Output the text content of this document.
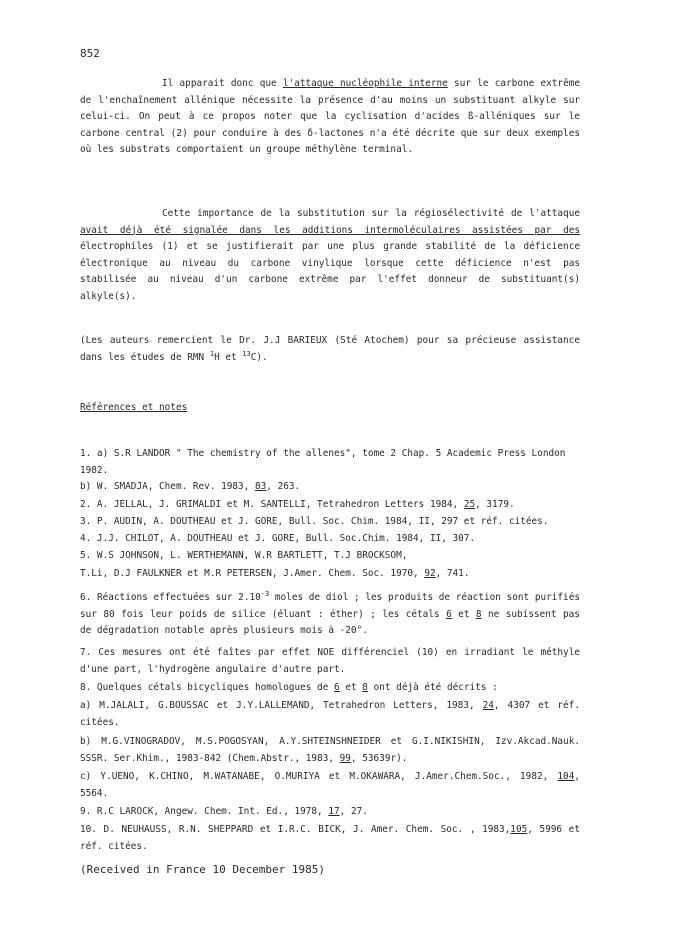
852
Il apparait donc que l'attaque nucléophile interne sur le carbone extrême de l'enchaînement allénique nécessite la présence d'au moins un substituant alkyle sur celui-ci. On peut à ce propos noter que la cyclisation d'acides ß-alléniques sur le carbone central (2) pour conduire à des δ-lactones n'a été décrite que sur deux exemples où les substrats comportaient un groupe méthylène terminal.
Cette importance de la substitution sur la régiosélectivité de l'attaque avait déjà été signalée dans les additions intermoléculaires assistées par des électrophiles (1) et se justifierait par une plus grande stabilité de la déficience électronique au niveau du carbone vinylique lorsque cette déficience n'est pas stabilisée au niveau d'un carbone extrême par l'effet donneur de substituant(s) alkyle(s).
(Les auteurs remercient le Dr. J.J BARIEUX (Sté Atochem) pour sa précieuse assistance dans les études de RMN $^1$H et $^{13}$C).
Références et notes
1. a) S.R LANDOR " The chemistry of the allenes", tome 2 Chap. 5 Academic Press London 1982.
b) W. SMADJA, Chem. Rev. 1983, 83, 263.
2. A. JELLAL, J. GRIMALDI et M. SANTELLI, Tetrahedron Letters 1984, 25, 3179.
3. P. AUDIN, A. DOUTHEAU et J. GORE, Bull. Soc. Chim. 1984, II, 297 et réf. citées.
4. J.J. CHILOT, A. DOUTHEAU et J. GORE, Bull. Soc.Chim. 1984, II, 307.
5. W.S JOHNSON, L. WERTHEMANN, W.R BARTLETT, T.J BROCKSOM,
T.Li, D.J FAULKNER et M.R PETERSEN, J.Amer. Chem. Soc. 1970, 92, 741.
6. Réactions effectuées sur $2.10^{-3}$ moles de diol ; les produits de réaction sont purifiés sur 80 fois leur poids de silice (éluant : éther) ; les cétals 6 et 8 ne subissent pas de dégradation notable après plusieurs mois à -20°.
7. Ces mesures ont été faîtes par effet NOE différenciel (10) en irradiant le méthyle d'une part, l'hydrogène angulaire d'autre part.
8. Quelques cétals bicycliques homologues de 6 et 8 ont déjà été décrits :
a) M.JALALI, G.BOUSSAC et J.Y.LALLEMAND, Tetrahedron Letters, 1983, 24, 4307 et réf. citées.
b) M.G.VINOGRADOV, M.S.POGOSYAN, A.Y.SHTEINSHNEIDER et G.I.NIKISHIN, Izv.Akcad.Nauk. SSSR. Ser.Khim., 1983-842 (Chem.Abstr., 1983, 99, 53639r).
c) Y.UENO, K.CHINO, M.WATANABE, O.MURIYA et M.OKAWARA, J.Amer.Chem.Soc., 1982, 104, 5564.
9. R.C LAROCK, Angew. Chem. Int. Ed., 1978, 17, 27.
10. D. NEUHAUSS, R.N. SHEPPARD et I.R.C. BICK, J. Amer. Chem. Soc. , 1983,105, 5996 et réf. citées.
(Received in France 10 December 1985)
